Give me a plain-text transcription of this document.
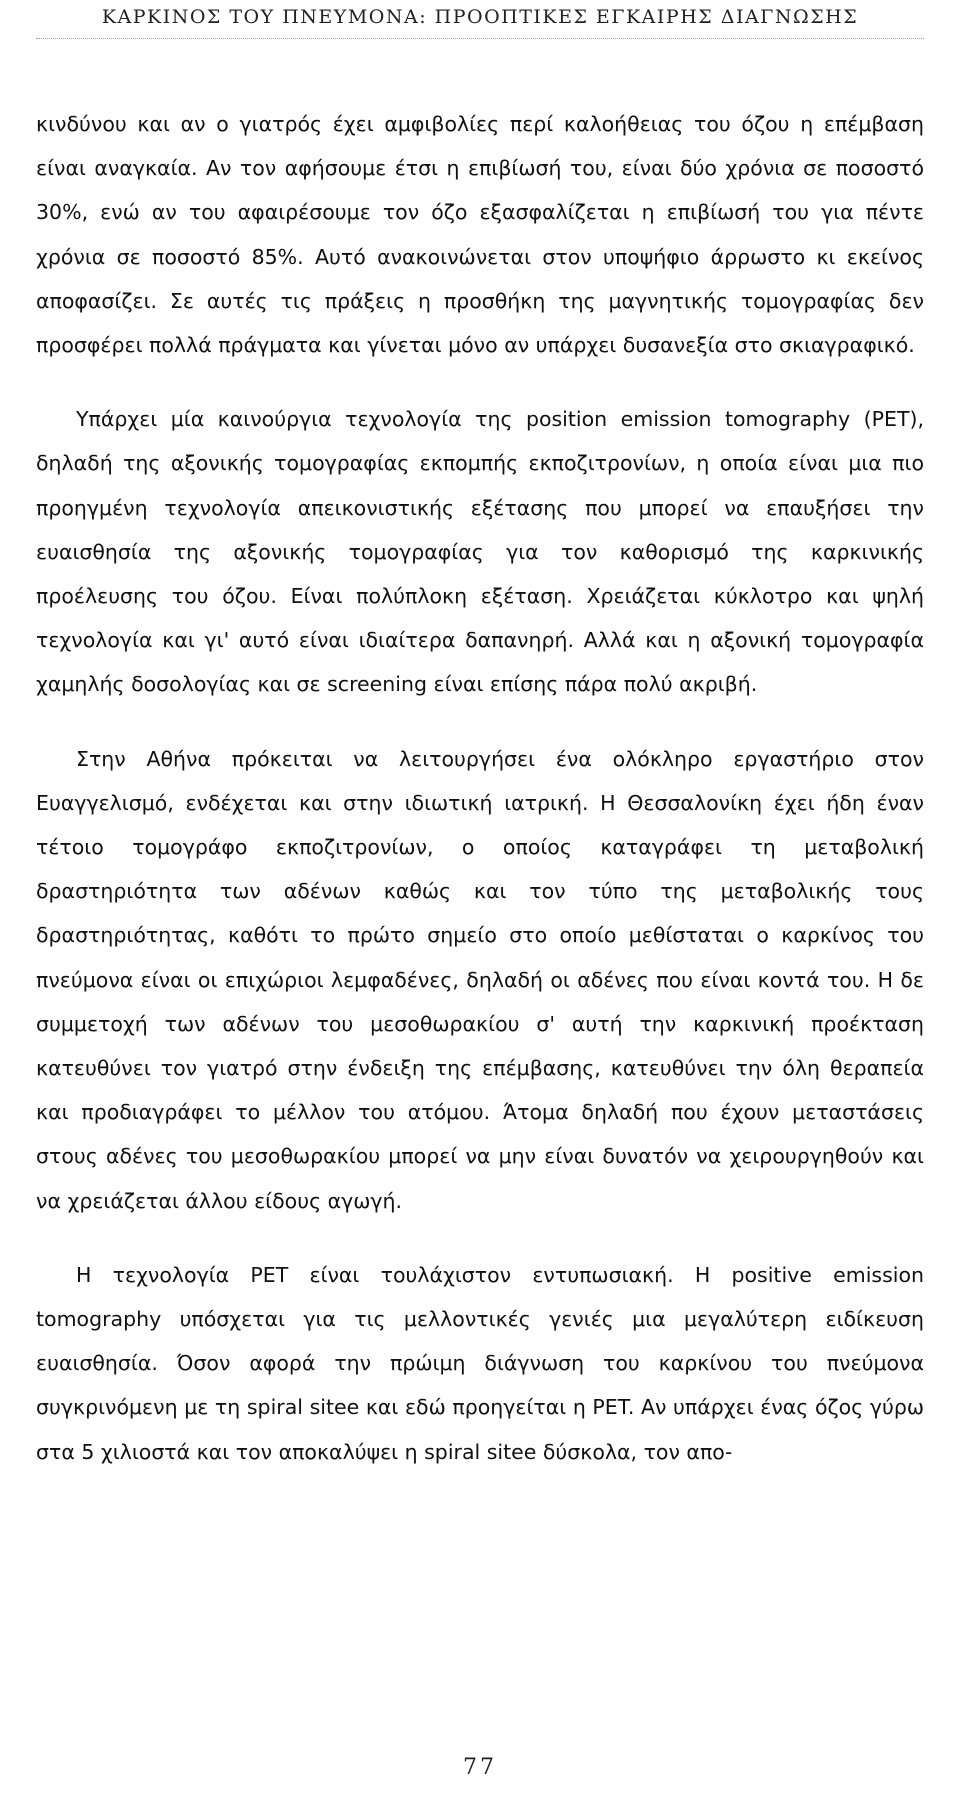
ΚΑΡΚΙΝΟΣ ΤΟΥ ΠΝΕΥΜΟΝΑ: ΠΡΟΟΠΤΙΚΕΣ ΕΓΚΑΙΡΗΣ ΔΙΑΓΝΩΣΗΣ

κινδύνου και αν ο γιατρός έχει αμφιβολίες περί καλοήθειας του όζου η επέμβαση είναι αναγκαία. Αν τον αφήσουμε έτσι η επιβίωσή του, είναι δύο χρόνια σε ποσοστό 30%, ενώ αν του αφαιρέσουμε τον όζο εξασφαλίζεται η επιβίωσή του για πέντε χρόνια σε ποσοστό 85%. Αυτό ανακοινώνεται στον υποψήφιο άρρωστο κι εκείνος αποφασίζει. Σε αυτές τις πράξεις η προσθήκη της μαγνητικής τομογραφίας δεν προσφέρει πολλά πράγματα και γίνεται μόνο αν υπάρχει δυσανεξία στο σκιαγραφικό.

Υπάρχει μία καινούργια τεχνολογία της position emission tomography (PET), δηλαδή της αξονικής τομογραφίας εκπομπής εκποζιτρονίων, η οποία είναι μια πιο προηγμένη τεχνολογία απεικονιστικής εξέτασης που μπορεί να επαυξήσει την ευαισθησία της αξονικής τομογραφίας για τον καθορισμό της καρκινικής προέλευσης του όζου. Είναι πολύπλοκη εξέταση. Χρειάζεται κύκλοτρο και ψηλή τεχνολογία και γι' αυτό είναι ιδιαίτερα δαπανηρή. Αλλά και η αξονική τομογραφία χαμηλής δοσολογίας και σε screening είναι επίσης πάρα πολύ ακριβή.

Στην Αθήνα πρόκειται να λειτουργήσει ένα ολόκληρο εργαστήριο στον Ευαγγελισμό, ενδέχεται και στην ιδιωτική ιατρική. Η Θεσσαλονίκη έχει ήδη έναν τέτοιο τομογράφο εκποζιτρονίων, ο οποίος καταγράφει τη μεταβολική δραστηριότητα των αδένων καθώς και τον τύπο της μεταβολικής τους δραστηριότητας, καθότι το πρώτο σημείο στο οποίο μεθίσταται ο καρκίνος του πνεύμονα είναι οι επιχώριοι λεμφαδένες, δηλαδή οι αδένες που είναι κοντά του. Η δε συμμετοχή των αδένων του μεσοθωρακίου σ' αυτή την καρκινική προέκταση κατευθύνει τον γιατρό στην ένδειξη της επέμβασης, κατευθύνει την όλη θεραπεία και προδιαγράφει το μέλλον του ατόμου. Άτομα δηλαδή που έχουν μεταστάσεις στους αδένες του μεσοθωρακίου μπορεί να μην είναι δυνατόν να χειρουργηθούν και να χρειάζεται άλλου είδους αγωγή.

Η τεχνολογία PET είναι τουλάχιστον εντυπωσιακή. Η positive emission tomography υπόσχεται για τις μελλοντικές γενιές μια μεγαλύτερη ειδίκευση ευαισθησία. Όσον αφορά την πρώιμη διάγνωση του καρκίνου του πνεύμονα συγκρινόμενη με τη spiral sitee και εδώ προηγείται η PET. Αν υπάρχει ένας όζος γύρω στα 5 χιλιοστά και τον αποκαλύψει η spiral sitee δύσκολα, τον απο-

77
